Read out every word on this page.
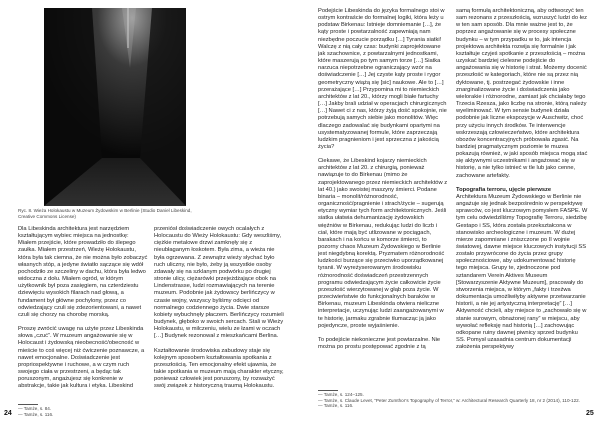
Ryc. 8. Wieża Holokaustu w Muzeum Żydowskim w Berlinie (Studio Daniel Libeskind, Creative Commons License)

Dla Libeskinda architektura jest narzędziem kształtującym wybiec miejsca na jednostkę: Miałem przejście, które prowadziło do ślepego zaułka. Miałem przestrzeń, Wieżę Holokaustu, która była tak ciemna, że nie można było zobaczyć własnych stóp, a jedyne światło sączące się wdół pochodziło ze szczeliny w dachu, która była ledwo widoczna z dołu. Miałem ogród, w którym użytkownik był poza zasięgiem, na czterdziestu dziewięciu wysokich filarach nad głową, a fundament był główne pochylony, przez co odwiedzający czuli się zdezorientowani, a nawet czuli się chorzy na chorobę morską.

Proszę zwrócić uwagę na użyte przez Libeskinda słowa „czuć”. W muzeum angażowanie się w Holocaust i żydowską nieobecność/obecność w mieście to coś więcej niż ćwiczenie poznawcze, a nawet emocjonalne. Doświadczenie jest propriospektywne i ruchowe, a w czym ruch swojego ciała w przestrzeni, a będąc tak poruszonym, angażujesz się konkrenie w abstrakcje, takie jak kultura i etyka. Libeskind

— Tamże, s. 84.
— Tamże, s. 116.

przeniósł doświadczenie owych ocalałych z Holocaustu do Wieży Holokaustu: Gdy weszliśmy, ciężkie metalowe drzwi zamknęły się z nieubłaganym łoskotem. Była zima, a wieża nie była ogrzewana. Z zewnątrz wieży słychać było ruch uliczny, nie było, żeby ją wszystkie osoby zdawały się na szklanym podwórku po drugiej stronie ulicy, ciężarówki przejeżdżające obok na Lindenstrasse, ludzi rozmawiających na terenie muzeum. Podobnie jak żydowscy berlińczycy w czasie wojny, wszyscy byliśmy odcięci od normalnego codziennego życia. Dwie starsze kobiety wybuchnęły płaczem. Berlińczycy rozumieli budynek, głęboko w swoich sercach. Stali w Wieży Holokaustu, w milczeniu, wielu ze łzami w oczach […] Budynek rezonował z mieszkańcami Berlina.

Kształtowanie środowiska zabudowy staje się kolejnym sposobem kształtowania spotkania z przeszłością. Ten emocjonalny efekt ujawnia, że takie spotkania w muzeum mają charakter etyczny, ponieważ człowiek jest poruszony, by rozważyć swój związek z historyczną traumą Holokaustu.

24

Podejście Libeskinda do języka formalnego stoi w ostrym kontraście do formalnej logiki, która leży u podstaw Birkenau: Istnieje domniemanie […], że kąty proste i powtarzalność zapewniają nam niezbędne poczucie porządku […] Tyrania siatki! Walczę z nią cały czas: budynki zaprojektowane jak szachownice, z powtarzalnymi jednostkami, które maszerują po tym samym torze […] Siatka narzuca niepotrzebne ograniczający wzór na doświadczenie […] Jej czyste kąty proste i rygor geometryczny wiążą się [sic] naukowe. Ale to […] przerażające […] Przypomina mi to niemieckich architektów z lat 20., którzy mogli białe fartuchy […] Jakby brali udział w operacjach chirurgicznych […] Nawet ci z nas, którzy żyją dość spokojnie, nie potrzebują samych siebie jako monolitów. Więc dlaczego zadowalać się budynkami opartymi na usystematyzowanej formule, które zaprzeczają ludzkim pragnieniom i jest sprzeczna z jakością życia?

Ciekawe, że Libeskind kojarzy niemieckich architektów z lat 20. z chirurgią, ponieważ nawiązuje to do Birkenau (mimo że zaprojektowanego przez niemieckich architektów z lat 40.) jako swoistej maszyny śmierci. Podane binaria – monolit/różnorodność, organiczność/pragnienie i strach/życie – sugerują etyczny wymiar tych form architektonicznych. Jeśli siatka ułatwia dehumanizację żydowskich więźniów w Birkenau, redukując ludzi do liczb i ciał, które mają być utlizowane w pociągach, barakach i na końcu w komorze śmierci, to pozorny chaos Muzeum Żydowskiego w Berlinie jest niegdybną korektą. Pryzmatem różnorodność ludzkości burzące się przeciwko uporządkowanej tyranii. W wyreżyserowanym środowisku różnorodność doświadczeń przestrzennych programu odwiedzającym życie całkowicie życie przeszłość wierzytowanej w głąb poza życie. W przeciwieństwie do funkcjonalnych baraków w Birkenau, muzeum Libeskinda otwiera nieliczne interpretacje, uczynując ludzi zaangażowanymi w te historię, jarmaku zgrabnie tłumacząc ją jako pojedyncze, proste wyjaśnienie.

To podejście niekonieczne jest powtarzalne. Nie można po prostu postępować zgodnie z tą

— Tamże, s. 124–125.
— Tamże, s. Claude Levet, “Peter Zumthor’s Topography of Terror,” w: Architectural Research Quarterly 18, nr 2 (2014), 110-122.
— Tamże, s. 116.

samą formułą architektoniczną, aby odtworzyć ten sam rezonans z przeszłością, wzruszyć ludzi do łez w ten sam sposób. Dla mnie ważne jest to, że poprzez angażowanie się w procesy społeczne budynku – w tym przypadku w to, jak intencja projektowa architekta rozwija się formalnie i jak kształtuje czyjeś spotkanie z przeszłością – można uzyskać bardziej cielesne podejście do angażowania się w historię i strat. Możemy docenić przeszłość w kategoriach, które nie są przez nią dyktowane, tj. postrzegać żydowskie i inne znarginalizowane życie i doświadczenia jako wielorakie i różnorodne, zamiast jak chciałaby tego Trzecia Rzesza, jako liczbę na stronie, którą należy wyeliminować. W tym sensie budynek działa podobnie jak liczne ekspozycje w Auschwitz, choć przy użyciu innych środków. Te interwencje wskrzeszają człowieczeństwo, które architektura obozów koncentracyjnych próbowała zgasić. Na bardziej pragmatycznym poziomie te muzea pokazują również, w jaki sposób miejsca mogą stać się aktywnymi uczestnikami i angażować się w historię, a nie tylko istnieć w tle lub jako cenne, zachowane artefakty.

Topografia terroru, ujęcie pierwsze

Architektura Muzeum Żydowskiego w Berlinie nie angażuje się jednak bezpośrednio w perspektywę sprawców, co jest kluczowym pomysłem FASPE. W tym celu odwiedziliśmy Topografię Terroru, siedzibę Gestapo i SS, która została przekształcona w stanowisko archeologiczne i muzeum. W dużej mierze zapomniane i zniszczone po II wojnie światowej, dawne miejsce kluczowych instytucji SS zostało przywrócone do życia przez grupy społecznościowe, aby udokumentować historię tego miejsca. Grupy te, zjednoczone pod sztandarem Verein Aktives Museum [Stowarzyszenie Aktywne Muzeum], pracowały do stworzenia miejsca, w którym „fakty i trzeźwa dokumentacja umożliwiłyby aktywne przetwarzanie historii, a nie jej artystyczną interpretację” […] Aktywność chcieli, aby miejsce to „zachowało się w stanie surowym, obnażonej rany” w miejscu, aby wywołać refleksję nad historią […] zachowując odkopane ruiny dawnej piwnicy sprzed budynku SS. Pomysł uzasadnia centrum dokumentacji założenia perspektywy

25
